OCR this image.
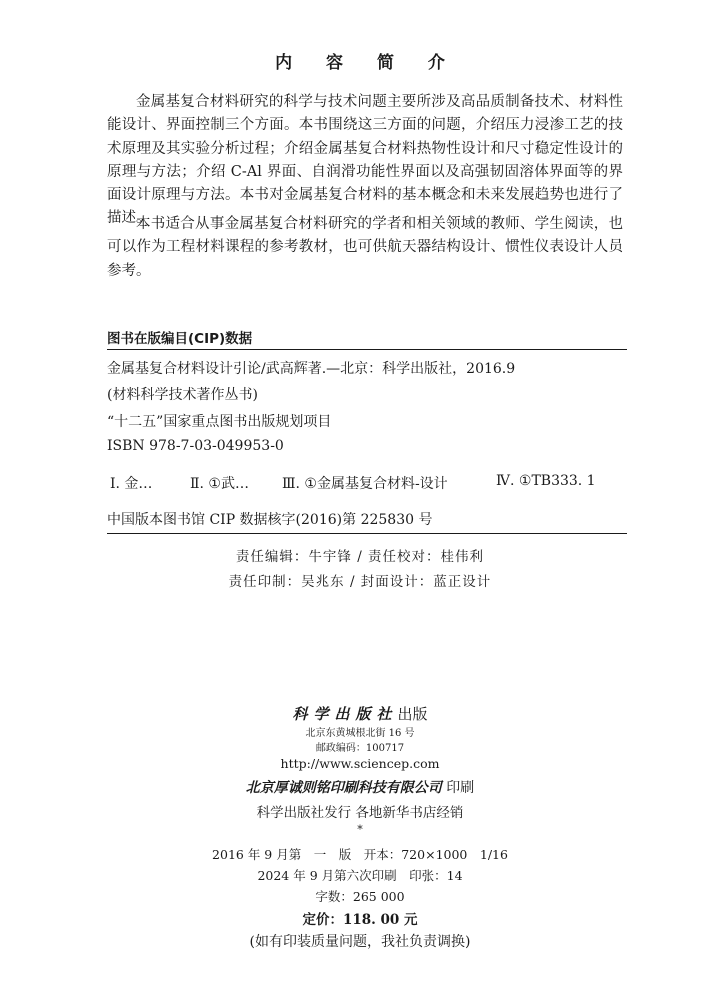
内 容 简 介

金属基复合材料研究的科学与技术问题主要所涉及高品质制备技术、材料性能设计、界面控制三个方面。本书围绕这三方面的问题，介绍压力浸渗工艺的技术原理及其实验分析过程；介绍金属基复合材料热物性设计和尺寸稳定性设计的原理与方法；介绍 C-Al 界面、自润滑功能性界面以及高强韧固溶体界面等的界面设计原理与方法。本书对金属基复合材料的基本概念和未来发展趋势也进行了描述。

本书适合从事金属基复合材料研究的学者和相关领域的教师、学生阅读，也可以作为工程材料课程的参考教材，也可供航天器结构设计、惯性仪表设计人员参考。

图书在版编目(CIP)数据
金属基复合材料设计引论/武高辉著.—北京：科学出版社，2016.9
(材料科学技术著作丛书)
“十二五”国家重点图书出版规划项目
ISBN 978-7-03-049953-0
Ⅰ. 金…	Ⅱ. ①武… Ⅲ. ①金属基复合材料-设计	Ⅳ. ①TB333. 1
中国版本图书馆 CIP 数据核字(2016)第 225830 号
责任编辑：牛宇锋 / 责任校对：桂伟利
责任印制：吴兆东 / 封面设计：蓝正设计
科学出版社出版
北京东黄城根北街 16 号
邮政编码：100717
http://www.sciencep.com
北京厚诚则铭印刷科技有限公司 印刷
科学出版社发行 各地新华书店经销
*
2016 年 9 月第　一　版　开本：720×1000　1/16
2024 年 9 月第六次印刷　印张：14
字数：265 000
定价：118. 00 元
(如有印装质量问题，我社负责调换)
